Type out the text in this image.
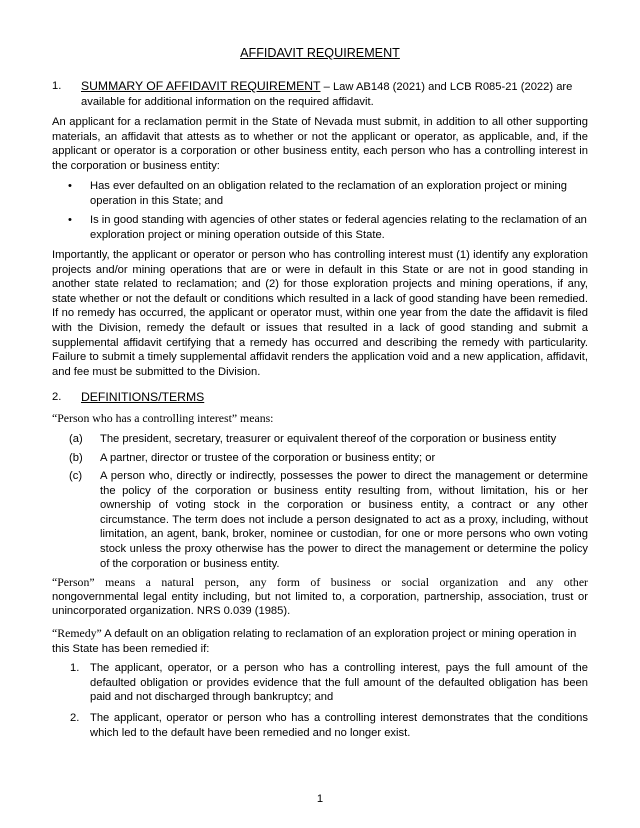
AFFIDAVIT REQUIREMENT
1.	SUMMARY OF AFFIDAVIT REQUIREMENT – Law AB148 (2021) and LCB R085-21 (2022) are available for additional information on the required affidavit.

An applicant for a reclamation permit in the State of Nevada must submit, in addition to all other supporting materials, an affidavit that attests as to whether or not the applicant or operator, as applicable, and, if the applicant or operator is a corporation or other business entity, each person who has a controlling interest in the corporation or business entity:

•	Has ever defaulted on an obligation related to the reclamation of an exploration project or mining operation in this State; and
•	Is in good standing with agencies of other states or federal agencies relating to the reclamation of an exploration project or mining operation outside of this State.

Importantly, the applicant or operator or person who has controlling interest must (1) identify any exploration projects and/or mining operations that are or were in default in this State or are not in good standing in another state related to reclamation; and (2) for those exploration projects and mining operations, if any, state whether or not the default or conditions which resulted in a lack of good standing have been remedied. If no remedy has occurred, the applicant or operator must, within one year from the date the affidavit is filed with the Division, remedy the default or issues that resulted in a lack of good standing and submit a supplemental affidavit certifying that a remedy has occurred and describing the remedy with particularity. Failure to submit a timely supplemental affidavit renders the application void and a new application, affidavit, and fee must be submitted to the Division.

2.	DEFINITIONS/TERMS

“Person who has a controlling interest” means:

(a)	The president, secretary, treasurer or equivalent thereof of the corporation or business entity
(b)	A partner, director or trustee of the corporation or business entity; or
(c)	A person who, directly or indirectly, possesses the power to direct the management or determine the policy of the corporation or business entity resulting from, without limitation, his or her ownership of voting stock in the corporation or business entity, a contract or any other circumstance. The term does not include a person designated to act as a proxy, including, without limitation, an agent, bank, broker, nominee or custodian, for one or more persons who own voting stock unless the proxy otherwise has the power to direct the management or determine the policy of the corporation or business entity.

“Person” means a natural person, any form of business or social organization and any other
nongovernmental legal entity including, but not limited to, a corporation, partnership, association, trust or unincorporated organization. NRS 0.039 (1985).

“Remedy” A default on an obligation relating to reclamation of an exploration project or mining operation in this State has been remedied if:

1. The applicant, operator, or a person who has a controlling interest, pays the full amount of the defaulted obligation or provides evidence that the full amount of the defaulted obligation has been paid and not discharged through bankruptcy; and
2. The applicant, operator or person who has a controlling interest demonstrates that the conditions which led to the default have been remedied and no longer exist.
1
